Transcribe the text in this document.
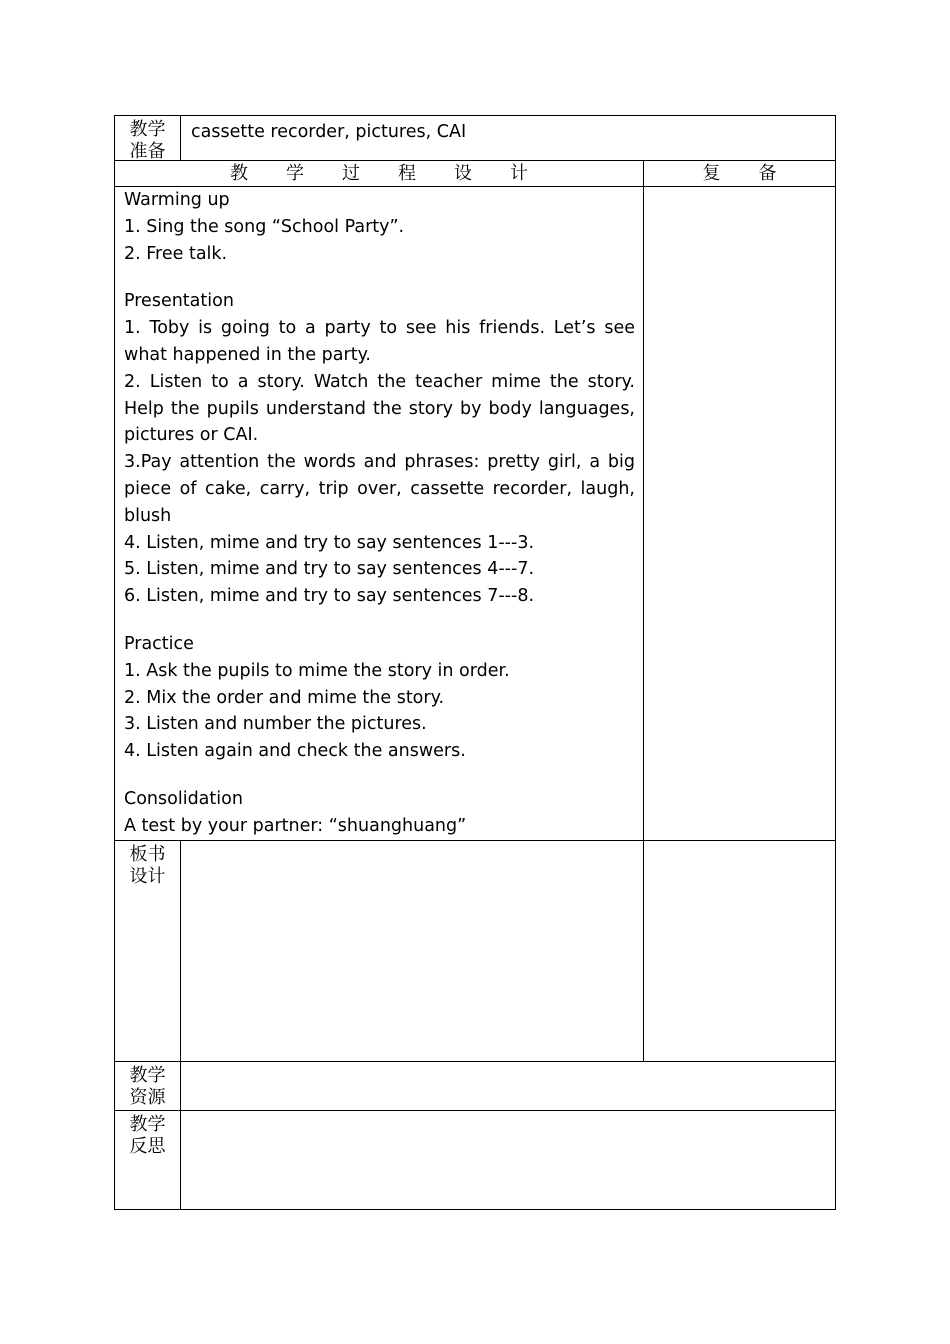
教学
准备
cassette recorder, pictures, CAI
教 学 过 程 设 计	复 备

Warming up

1. Sing the song “School Party”.

2. Free talk.

Presentation

1. Toby is going to a party to see his friends. Let’s see what happened in the party.

2. Listen to a story. Watch the teacher mime the story. Help the pupils understand the story by body languages, pictures or CAI.

3.Pay attention the words and phrases: pretty girl, a big piece of cake, carry, trip over, cassette recorder, laugh, blush

4. Listen, mime and try to say sentences 1---3.

5. Listen, mime and try to say sentences 4---7.

6. Listen, mime and try to say sentences 7---8.

Practice

1. Ask the pupils to mime the story in order.

2. Mix the order and mime the story.

3. Listen and number the pictures.

4. Listen again and check the answers.

Consolidation

A test by your partner: “shuanghuang”

板书
设计
教学
资源
教学
反思
